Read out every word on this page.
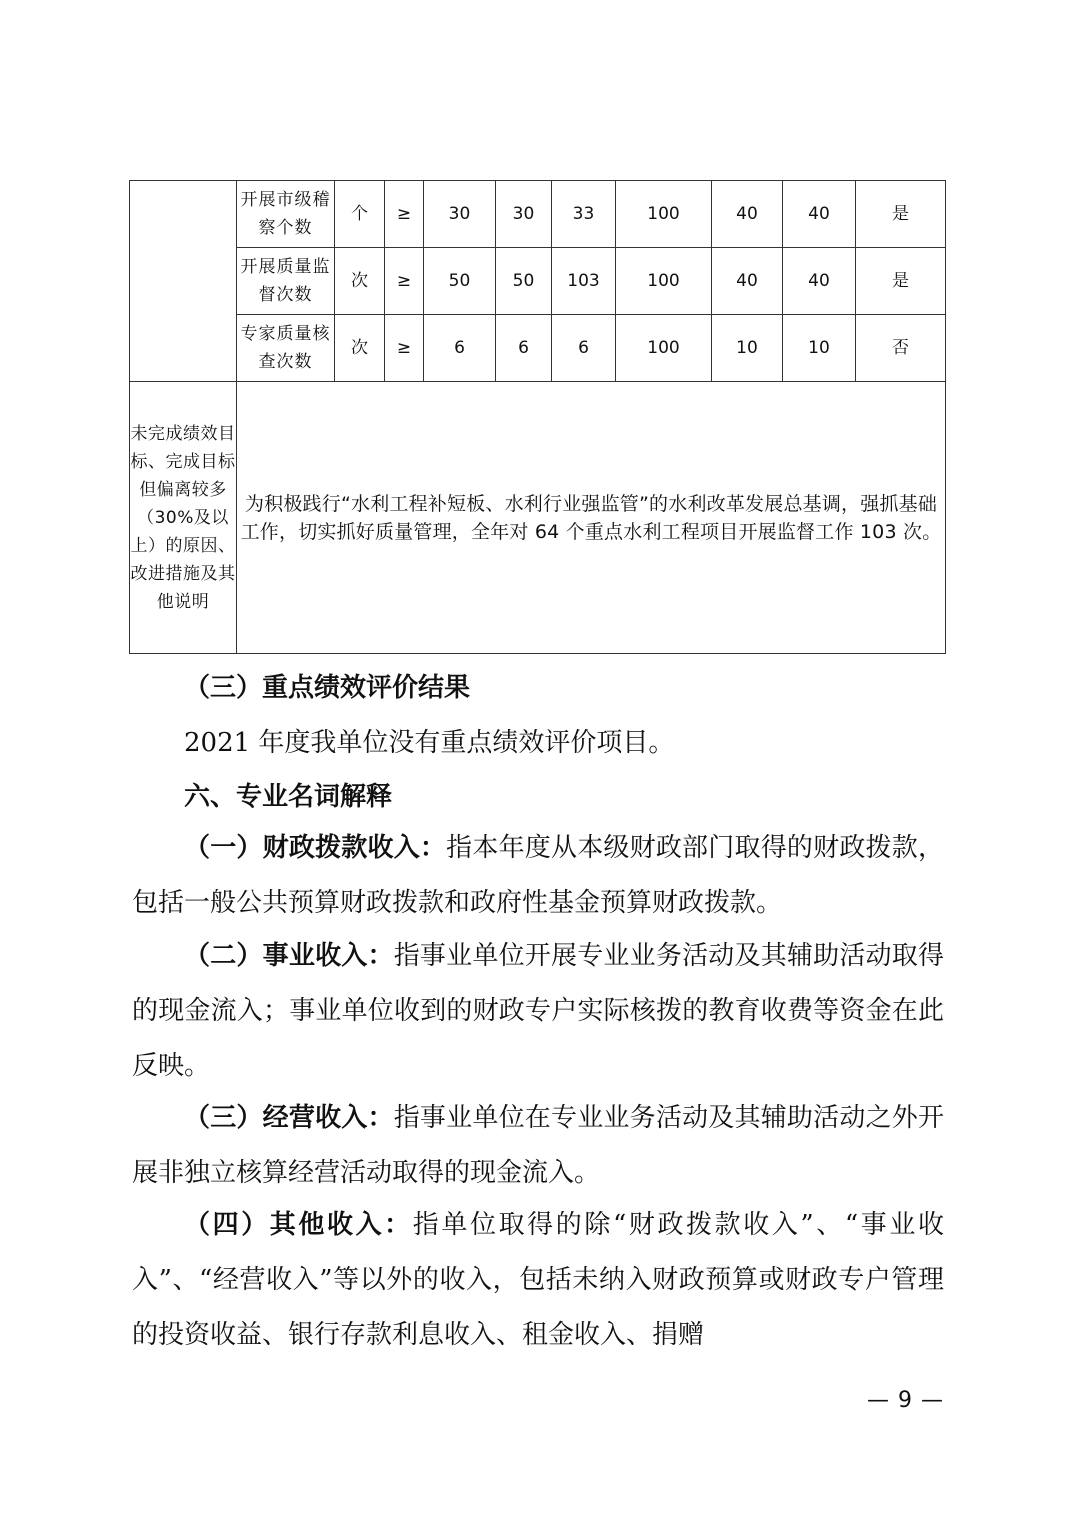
	开展市级稽察个数	个	≥	30	30	33	100	40	40	是
	开展质量监督次数	次	≥	50	50	103	100	40	40	是
	专家质量核查次数	次	≥	6	6	6	100	10	10	否
未完成绩效目标、完成目标但偏离较多（30%及以上）的原因、改进措施及其他说明	为积极践行“水利工程补短板、水利行业强监管”的水利改革发展总基调，强抓基础工作，切实抓好质量管理，全年对 64 个重点水利工程项目开展监督工作 103 次。									

（三）重点绩效评价结果

2021 年度我单位没有重点绩效评价项目。

六、专业名词解释

（一）财政拨款收入：指本年度从本级财政部门取得的财政拨款，包括一般公共预算财政拨款和政府性基金预算财政拨款。

（二）事业收入：指事业单位开展专业业务活动及其辅助活动取得的现金流入；事业单位收到的财政专户实际核拨的教育收费等资金在此反映。

（三）经营收入：指事业单位在专业业务活动及其辅助活动之外开展非独立核算经营活动取得的现金流入。

（四）其他收入：指单位取得的除“财政拨款收入”、“事业收入”、“经营收入”等以外的收入，包括未纳入财政预算或财政专户管理的投资收益、银行存款利息收入、租金收入、捐赠

— 9 —
